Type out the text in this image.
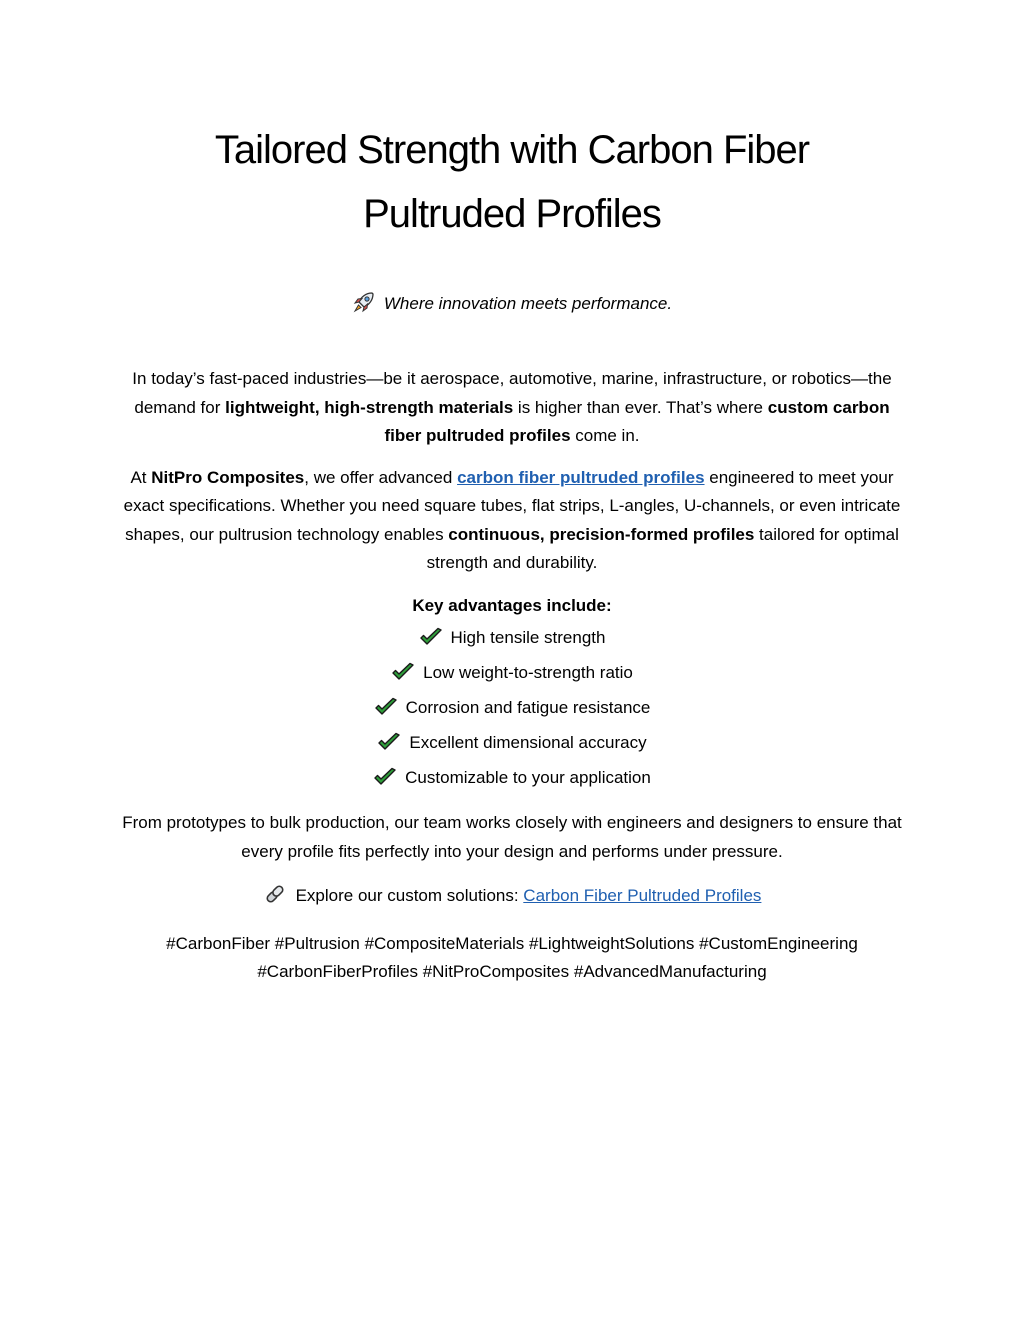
Tailored Strength with Carbon Fiber
Pultruded Profiles

Where innovation meets performance.

In today’s fast-paced industries—be it aerospace, automotive, marine, infrastructure, or robotics—the demand for lightweight, high-strength materials is higher than ever. That’s where custom carbon fiber pultruded profiles come in.

At NitPro Composites, we offer advanced carbon fiber pultruded profiles engineered to meet your exact specifications. Whether you need square tubes, flat strips, L-angles, U-channels, or even intricate shapes, our pultrusion technology enables continuous, precision-formed profiles tailored for optimal strength and durability.

Key advantages include:

High tensile strength
Low weight-to-strength ratio
Corrosion and fatigue resistance
Excellent dimensional accuracy
Customizable to your application

From prototypes to bulk production, our team works closely with engineers and designers to ensure that every profile fits perfectly into your design and performs under pressure.

Explore our custom solutions: Carbon Fiber Pultruded Profiles

#CarbonFiber #Pultrusion #CompositeMaterials #LightweightSolutions #CustomEngineering
#CarbonFiberProfiles #NitProComposites #AdvancedManufacturing
